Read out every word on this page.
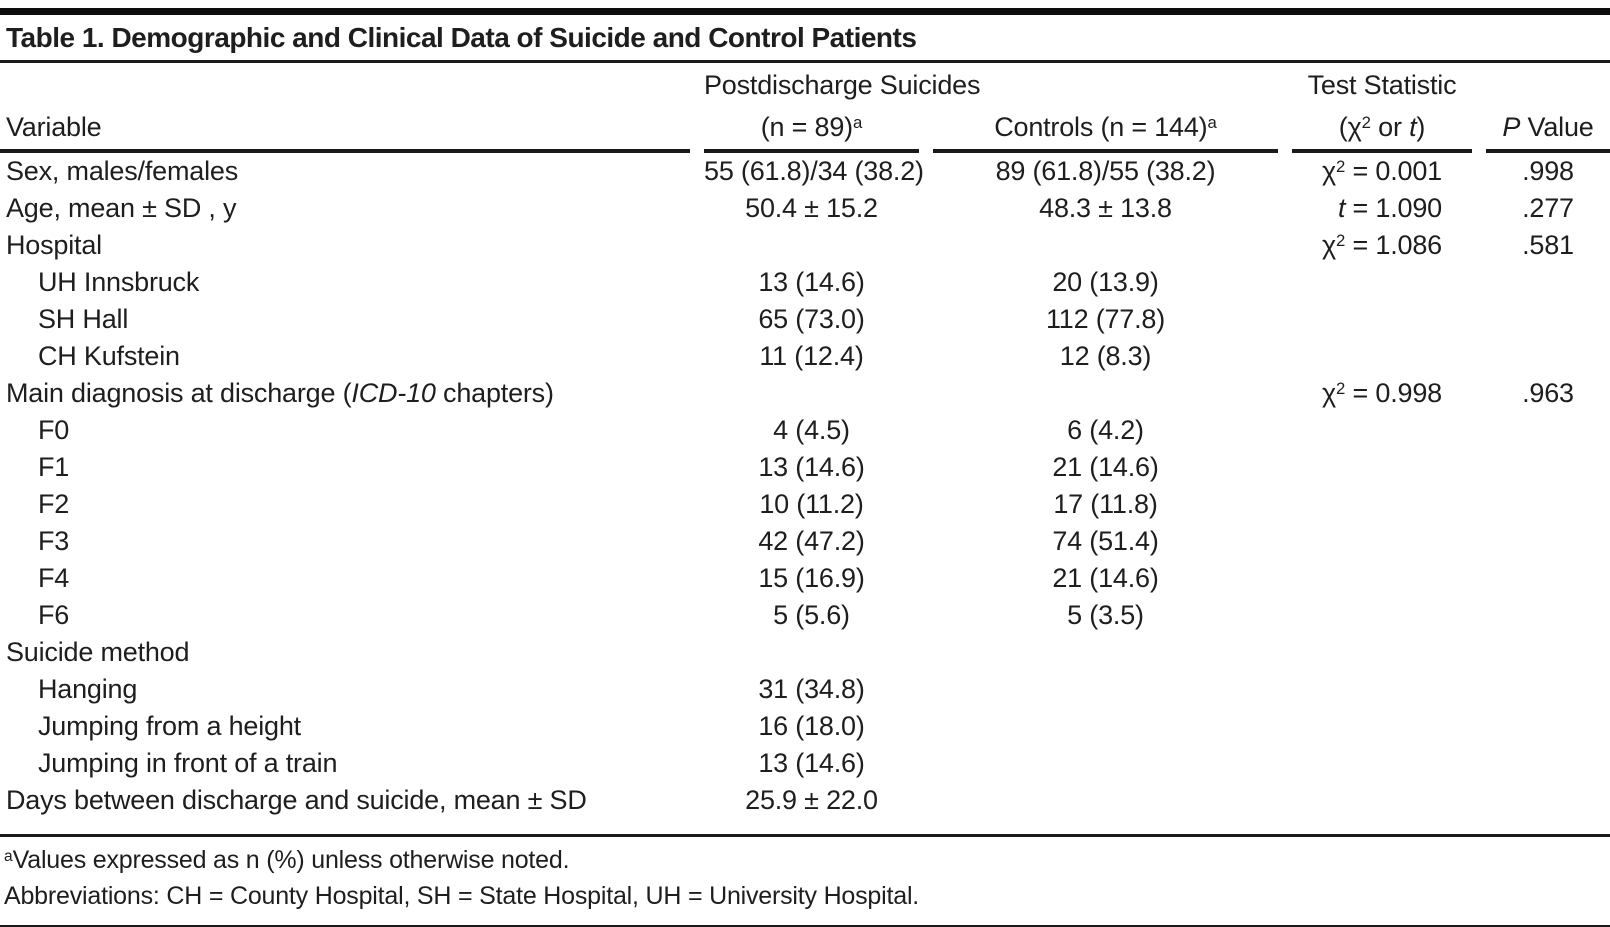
Table 1. Demographic and Clinical Data of Suicide and Control Patients
	Postdischarge Suicides		Test Statistic	
Variable	(n = 89)$^a$	Controls (n = 144)$^a$	($\chi^2$ or t)	P Value
Sex, males/females	55 (61.8)/34 (38.2)	89 (61.8)/55 (38.2)	$\chi^2 = 0.001$	.998
Age, mean ± SD , y	50.4 ± 15.2	48.3 ± 13.8	t = 1.090	.277
Hospital			$\chi^2 = 1.086$	.581
UH Innsbruck	13 (14.6)	20 (13.9)		
SH Hall	65 (73.0)	112 (77.8)		
CH Kufstein	11 (12.4)	12 (8.3)		
Main diagnosis at discharge (ICD-10 chapters)			$\chi^2 = 0.998$	.963
F0	4 (4.5)	6 (4.2)		
F1	13 (14.6)	21 (14.6)		
F2	10 (11.2)	17 (11.8)		
F3	42 (47.2)	74 (51.4)		
F4	15 (16.9)	21 (14.6)		
F6	5 (5.6)	5 (3.5)		
Suicide method				
Hanging	31 (34.8)			
Jumping from a height	16 (18.0)			
Jumping in front of a train	13 (14.6)			
Days between discharge and suicide, mean ± SD	25.9 ± 22.0			
$^a$Values expressed as n (%) unless otherwise noted.
Abbreviations: CH = County Hospital, SH = State Hospital, UH = University Hospital.
